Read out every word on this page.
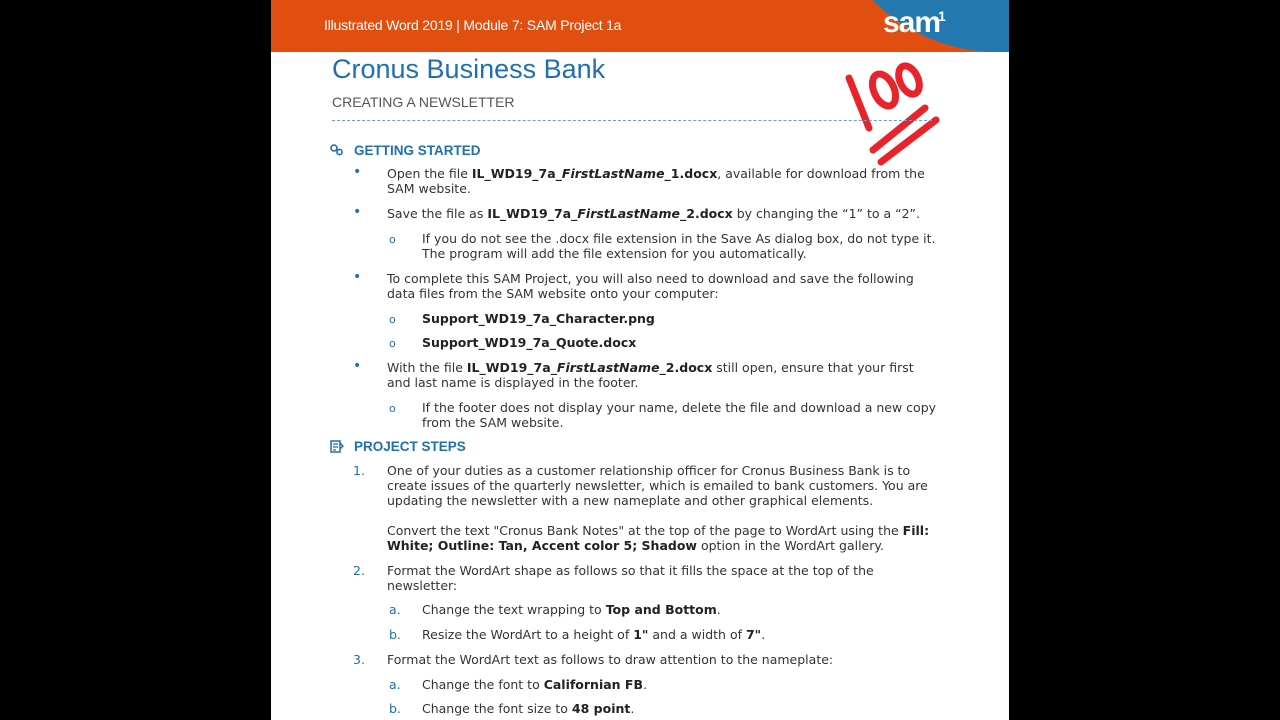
Illustrated Word 2019 | Module 7: SAM Project 1a	sam$^1$
Cronus Business Bank
CREATING A NEWSLETTER
GETTING STARTED
• Open the file IL_WD19_7a_FirstLastName_1.docx, available for download from the SAM website.
• Save the file as IL_WD19_7a_FirstLastName_2.docx by changing the “1” to a “2”.
o If you do not see the .docx file extension in the Save As dialog box, do not type it. The program will add the file extension for you automatically.
• To complete this SAM Project, you will also need to download and save the following data files from the SAM website onto your computer:
o Support_WD19_7a_Character.png
o Support_WD19_7a_Quote.docx
• With the file IL_WD19_7a_FirstLastName_2.docx still open, ensure that your first and last name is displayed in the footer.
o If the footer does not display your name, delete the file and download a new copy from the SAM website.
PROJECT STEPS
1. One of your duties as a customer relationship officer for Cronus Business Bank is to create issues of the quarterly newsletter, which is emailed to bank customers. You are updating the newsletter with a new nameplate and other graphical elements.
Convert the text "Cronus Bank Notes" at the top of the page to WordArt using the Fill: White; Outline: Tan, Accent color 5; Shadow option in the WordArt gallery.
2. Format the WordArt shape as follows so that it fills the space at the top of the newsletter:
a. Change the text wrapping to Top and Bottom.
b. Resize the WordArt to a height of 1" and a width of 7".
3. Format the WordArt text as follows to draw attention to the nameplate:
a. Change the font to Californian FB.
b. Change the font size to 48 point.
